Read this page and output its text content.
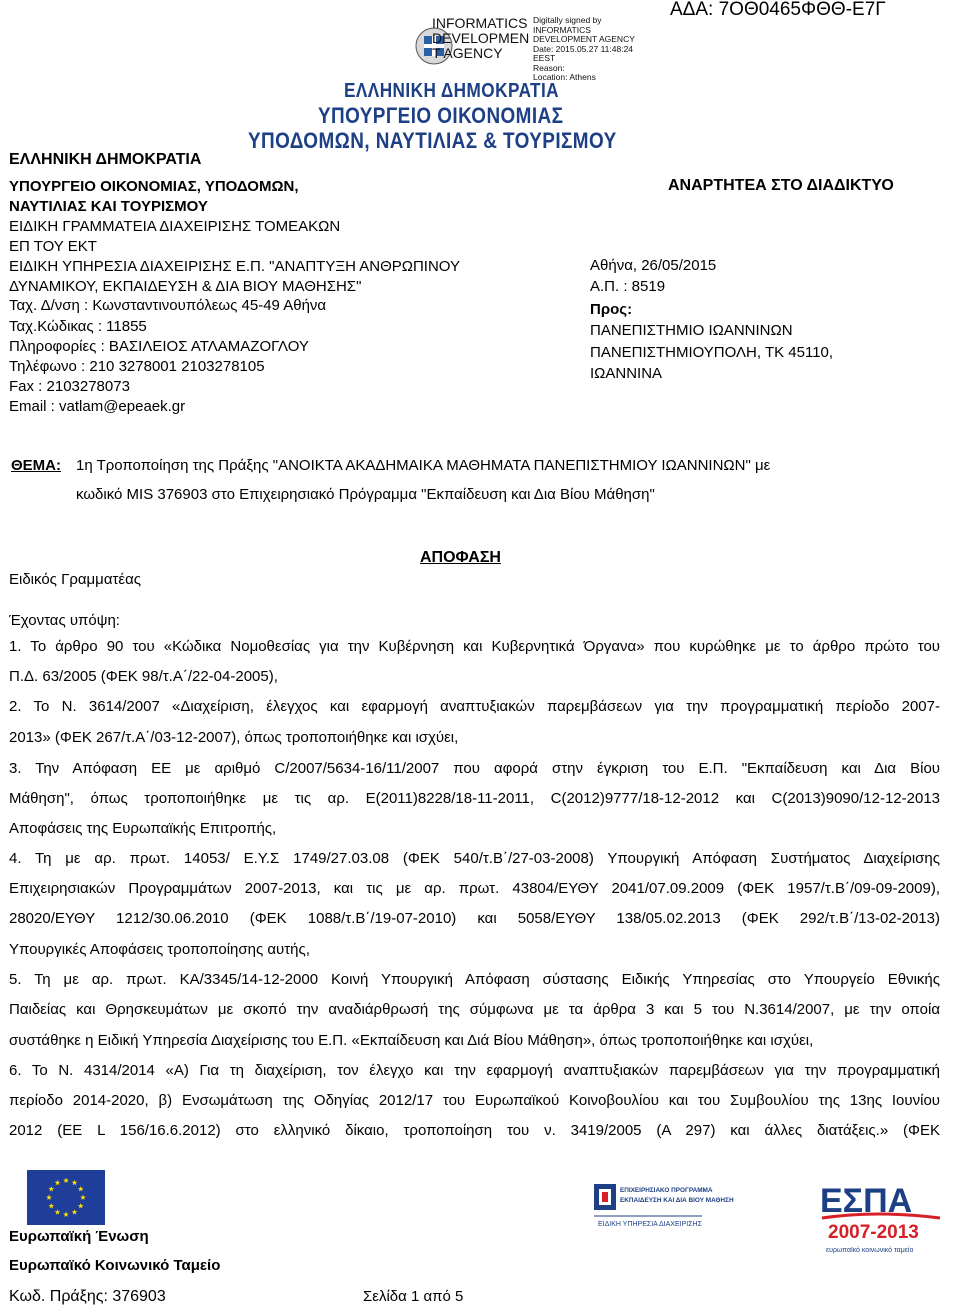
INFORMATICS
DEVELOPMEN
T AGENCY
Digitally signed by
INFORMATICS
DEVELOPMENT AGENCY
Date: 2015.05.27 11:48:24
EEST
Reason:
Location: Athens
ΑΔΑ: 7ΟΘ0465ΦΘΘ-Ε7Γ
ΕΛΛΗΝΙΚΗ ΔΗΜΟΚΡΑΤΙΑ
ΥΠΟΥΡΓΕΙΟ ΟΙΚΟΝΟΜΙΑΣ
ΥΠΟΔΟΜΩΝ, ΝΑΥΤΙΛΙΑΣ & ΤΟΥΡΙΣΜΟΥ
ΕΛΛΗΝΙΚΗ ΔΗΜΟΚΡΑΤΙΑ
ΥΠΟΥΡΓΕΙΟ ΟΙΚΟΝΟΜΙΑΣ, ΥΠΟΔΟΜΩΝ,
ΝΑΥΤΙΛΙΑΣ ΚΑΙ ΤΟΥΡΙΣΜΟΥ
ΕΙΔΙΚΗ ΓΡΑΜΜΑΤΕΙΑ ΔΙΑΧΕΙΡΙΣΗΣ ΤΟΜΕΑΚΩΝ
ΕΠ ΤΟΥ ΕΚΤ
ΕΙΔΙΚΗ ΥΠΗΡΕΣΙΑ ΔΙΑΧΕΙΡΙΣΗΣ Ε.Π. "ΑΝΑΠΤΥΞΗ ΑΝΘΡΩΠΙΝΟΥ
ΔΥΝΑΜΙΚΟΥ, ΕΚΠΑΙΔΕΥΣΗ & ΔΙΑ ΒΙΟΥ ΜΑΘΗΣΗΣ"
Ταχ. Δ/νση : Κωνσταντινουπόλεως 45-49 Αθήνα
Ταχ.Κώδικας : 11855
Πληροφορίες : ΒΑΣΙΛΕΙΟΣ ΑΤΛΑΜΑΖΟΓΛΟΥ
Τηλέφωνο : 210 3278001 2103278105
Fax : 2103278073
Email : vatlam@epeaek.gr
ΑΝΑΡΤΗΤΕΑ ΣΤΟ ΔΙΑΔΙΚΤΥΟ
Αθήνα, 26/05/2015
Α.Π. : 8519
Προς:
ΠΑΝΕΠΙΣΤΗΜΙΟ ΙΩΑΝΝΙΝΩΝ
ΠΑΝΕΠΙΣΤΗΜΙΟΥΠΟΛΗ, ΤΚ 45110,
ΙΩΑΝΝΙΝΑ
ΘΕΜΑ: 1η Τροποποίηση της Πράξης "ΑΝΟΙΚΤΑ ΑΚΑΔΗΜΑΙΚΑ ΜΑΘΗΜΑΤΑ ΠΑΝΕΠΙΣΤΗΜΙΟΥ ΙΩΑΝΝΙΝΩΝ" με
κωδικό MIS 376903 στο Επιχειρησιακό Πρόγραμμα "Εκπαίδευση και Δια Βίου Μάθηση"
ΑΠΟΦΑΣΗ
Ειδικός Γραμματέας
Έχοντας υπόψη:
1. Το άρθρο 90 του «Κώδικα Νομοθεσίας για την Κυβέρνηση και Κυβερνητικά Όργανα» που κυρώθηκε με το άρθρο πρώτο του
Π.Δ. 63/2005 (ΦΕΚ 98/τ.Α΄/22-04-2005),
2. Το Ν. 3614/2007 «Διαχείριση, έλεγχος και εφαρμογή αναπτυξιακών παρεμβάσεων για την προγραμματική περίοδο 2007-
2013» (ΦΕΚ 267/τ.Α΄/03-12-2007), όπως τροποποιήθηκε και ισχύει,
3. Την Απόφαση ΕΕ με αριθμό C/2007/5634-16/11/2007 που αφορά στην έγκριση του Ε.Π. "Εκπαίδευση και Δια Βίου
Μάθηση", όπως τροποποιήθηκε με τις αρ. Ε(2011)8228/18-11-2011, C(2012)9777/18-12-2012 και C(2013)9090/12-12-2013
Αποφάσεις της Ευρωπαϊκής Επιτροπής,
4. Τη με αρ. πρωτ. 14053/ Ε.Υ.Σ 1749/27.03.08 (ΦΕΚ 540/τ.Β΄/27-03-2008) Υπουργική Απόφαση Συστήματος Διαχείρισης
Επιχειρησιακών Προγραμμάτων 2007-2013, και τις με αρ. πρωτ. 43804/ΕΥΘΥ 2041/07.09.2009 (ΦΕΚ 1957/τ.Β΄/09-09-2009),
28020/ΕΥΘΥ 1212/30.06.2010 (ΦΕΚ 1088/τ.Β΄/19-07-2010) και 5058/ΕΥΘΥ 138/05.02.2013 (ΦΕΚ 292/τ.Β΄/13-02-2013)
Υπουργικές Αποφάσεις τροποποίησης αυτής,
5. Τη με αρ. πρωτ. ΚΑ/3345/14-12-2000 Κοινή Υπουργική Απόφαση σύστασης Ειδικής Υπηρεσίας στο Υπουργείο Εθνικής
Παιδείας και Θρησκευμάτων με σκοπό την αναδιάρθρωσή της σύμφωνα με τα άρθρα 3 και 5 του Ν.3614/2007, με την οποία
συστάθηκε η Ειδική Υπηρεσία Διαχείρισης του Ε.Π. «Εκπαίδευση και Διά Βίου Μάθηση», όπως τροποποιήθηκε και ισχύει,
6. Το Ν. 4314/2014 «Α) Για τη διαχείριση, τον έλεγχο και την εφαρμογή αναπτυξιακών παρεμβάσεων για την προγραμματική
περίοδο 2014-2020, β) Ενσωμάτωση της Οδηγίας 2012/17 του Ευρωπαϊκού Κοινοβουλίου και του Συμβουλίου της 13ης Ιουνίου
2012 (ΕΕ L 156/16.6.2012) στο ελληνικό δίκαιο, τροποποίηση του ν. 3419/2005 (Α 297) και άλλες διατάξεις.» (ΦΕΚ
Ευρωπαϊκή Ένωση
Ευρωπαϊκό Κοινωνικό Ταμείο
Κωδ. Πράξης: 376903	Σελίδα 1 από 5
ΕΠΙΧΕΙΡΗΣΙΑΚΟ ΠΡΟΓΡΑΜΜΑ
ΕΚΠΑΙΔΕΥΣΗ ΚΑΙ ΔΙΑ ΒΙΟΥ ΜΑΘΗΣΗ
ΕΙΔΙΚΗ ΥΠΗΡΕΣΙΑ ΔΙΑΧΕΙΡΙΣΗΣ
ΕΣΠΑ
2007-2013
ευρωπαϊκό κοινωνικό ταμείο
